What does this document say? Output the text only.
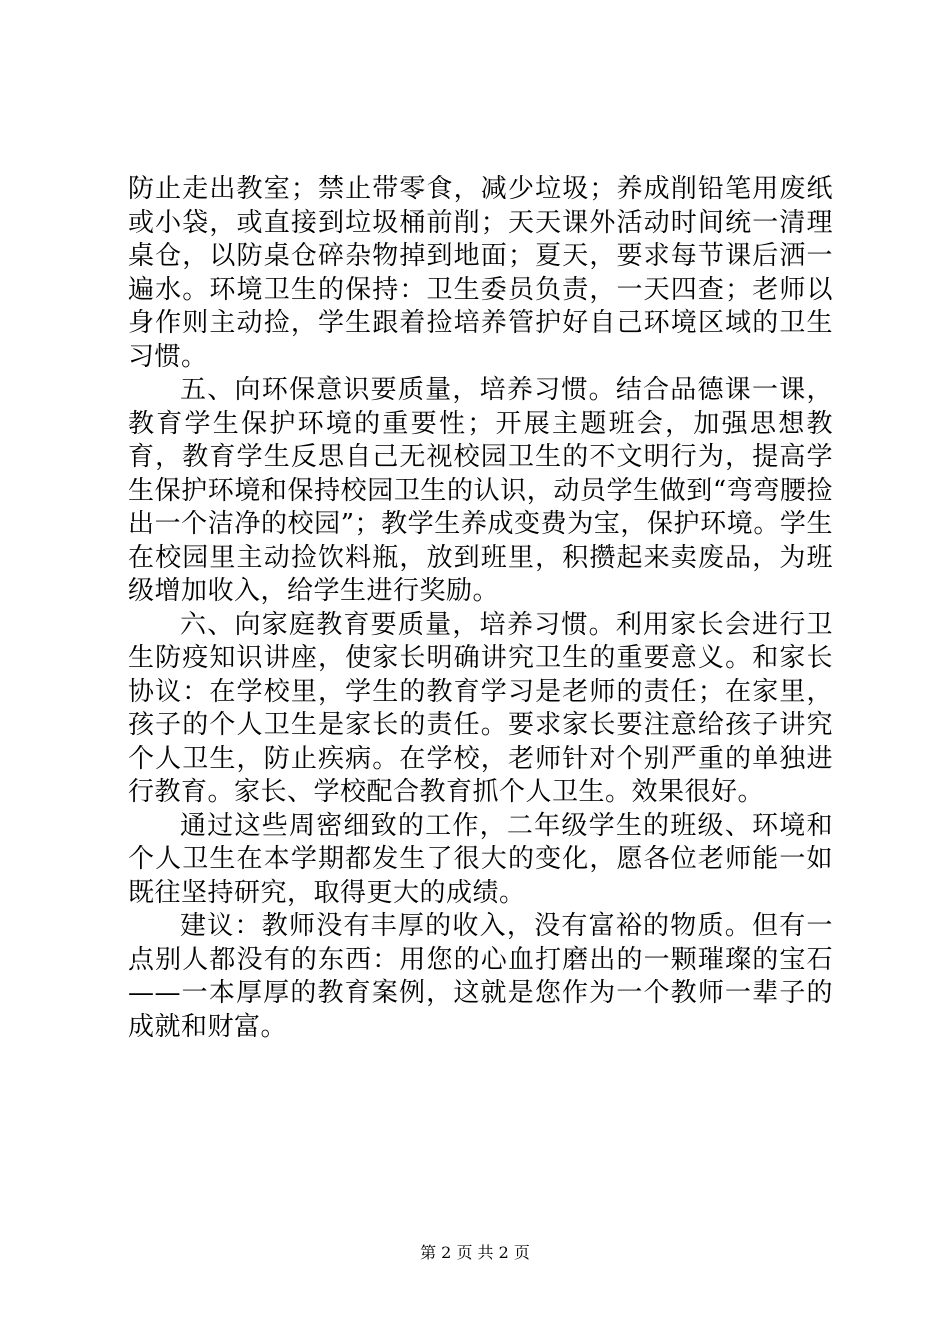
防止走出教室；禁止带零食，减少垃圾；养成削铅笔用废纸或小袋，或直接到垃圾桶前削；天天课外活动时间统一清理桌仓，以防桌仓碎杂物掉到地面；夏天，要求每节课后洒一遍水。环境卫生的保持：卫生委员负责，一天四查；老师以身作则主动捡，学生跟着捡培养管护好自己环境区域的卫生习惯。

五、向环保意识要质量，培养习惯。结合品德课一课，教育学生保护环境的重要性；开展主题班会，加强思想教育，教育学生反思自己无视校园卫生的不文明行为，提高学生保护环境和保持校园卫生的认识，动员学生做到“弯弯腰捡出一个洁净的校园”；教学生养成变费为宝，保护环境。学生在校园里主动捡饮料瓶，放到班里，积攒起来卖废品，为班级增加收入，给学生进行奖励。

六、向家庭教育要质量，培养习惯。利用家长会进行卫生防疫知识讲座，使家长明确讲究卫生的重要意义。和家长协议：在学校里，学生的教育学习是老师的责任；在家里，孩子的个人卫生是家长的责任。要求家长要注意给孩子讲究个人卫生，防止疾病。在学校，老师针对个别严重的单独进行教育。家长、学校配合教育抓个人卫生。效果很好。

通过这些周密细致的工作，二年级学生的班级、环境和个人卫生在本学期都发生了很大的变化，愿各位老师能一如既往坚持研究，取得更大的成绩。

建议：教师没有丰厚的收入，没有富裕的物质。但有一点别人都没有的东西：用您的心血打磨出的一颗璀璨的宝石——一本厚厚的教育案例，这就是您作为一个教师一辈子的成就和财富。

第 2 页 共 2 页
